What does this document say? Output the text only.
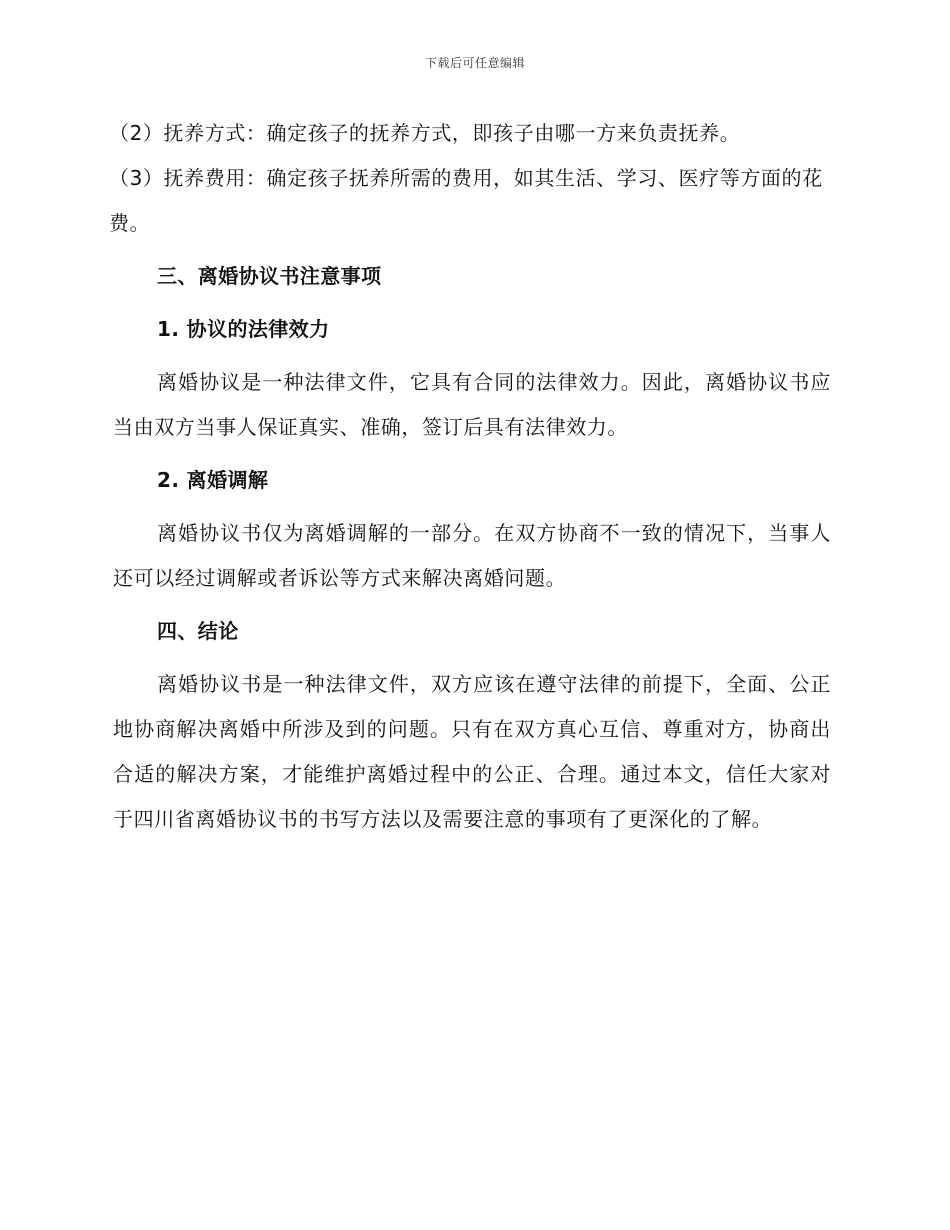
下载后可任意编辑

（2）抚养方式：确定孩子的抚养方式，即孩子由哪一方来负责抚养。

（3）抚养费用：确定孩子抚养所需的费用，如其生活、学习、医疗等方面的花费。

三、离婚协议书注意事项
1. 协议的法律效力

离婚协议是一种法律文件，它具有合同的法律效力。因此，离婚协议书应当由双方当事人保证真实、准确，签订后具有法律效力。

2. 离婚调解

离婚协议书仅为离婚调解的一部分。在双方协商不一致的情况下，当事人还可以经过调解或者诉讼等方式来解决离婚问题。

四、结论

离婚协议书是一种法律文件，双方应该在遵守法律的前提下，全面、公正地协商解决离婚中所涉及到的问题。只有在双方真心互信、尊重对方，协商出合适的解决方案，才能维护离婚过程中的公正、合理。通过本文，信任大家对于四川省离婚协议书的书写方法以及需要注意的事项有了更深化的了解。
